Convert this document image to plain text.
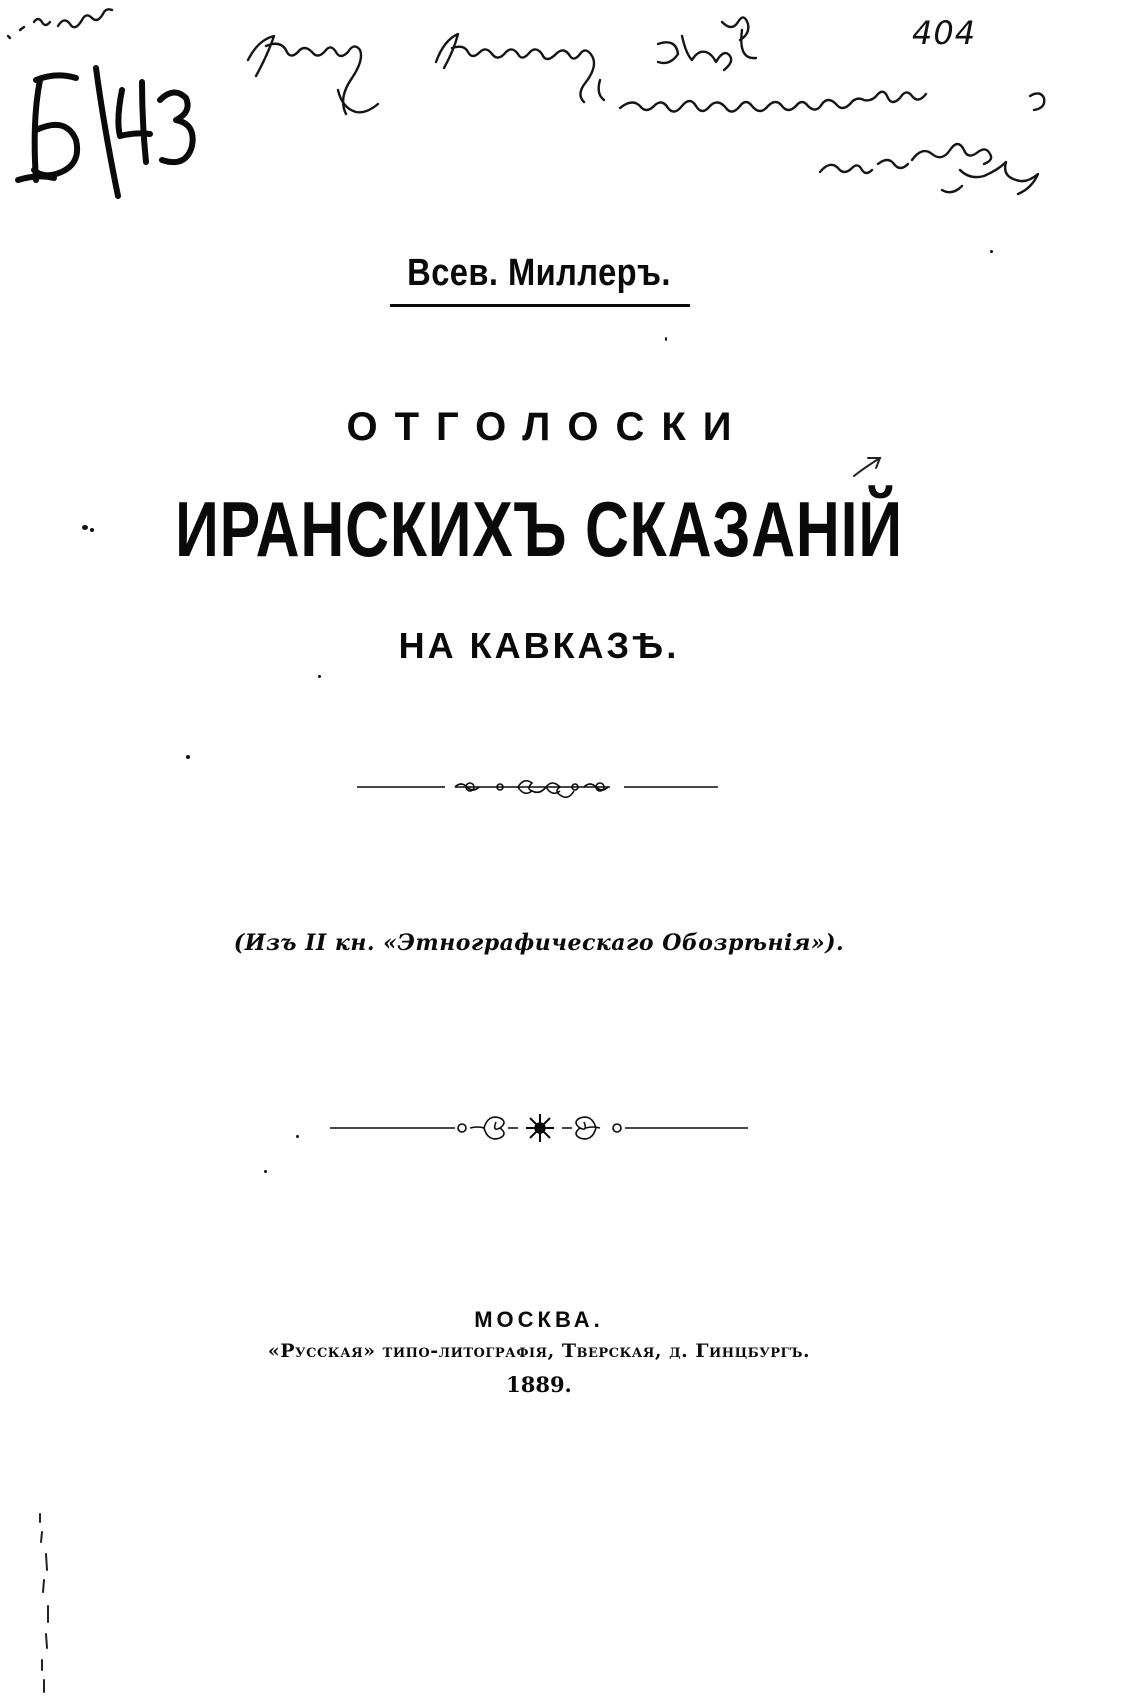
404
Всев. Миллеръ.
ОТГОЛОСКИ
ИРАНСКИХЪ СКАЗАНІЙ
НА КАВКАЗѢ.
(Изъ II кн. «Этнографическаго Обозрѣнія»).
МОСКВА.
«Русская» типо-литографія, Тверская, д. Гинцбургъ.
1889.
